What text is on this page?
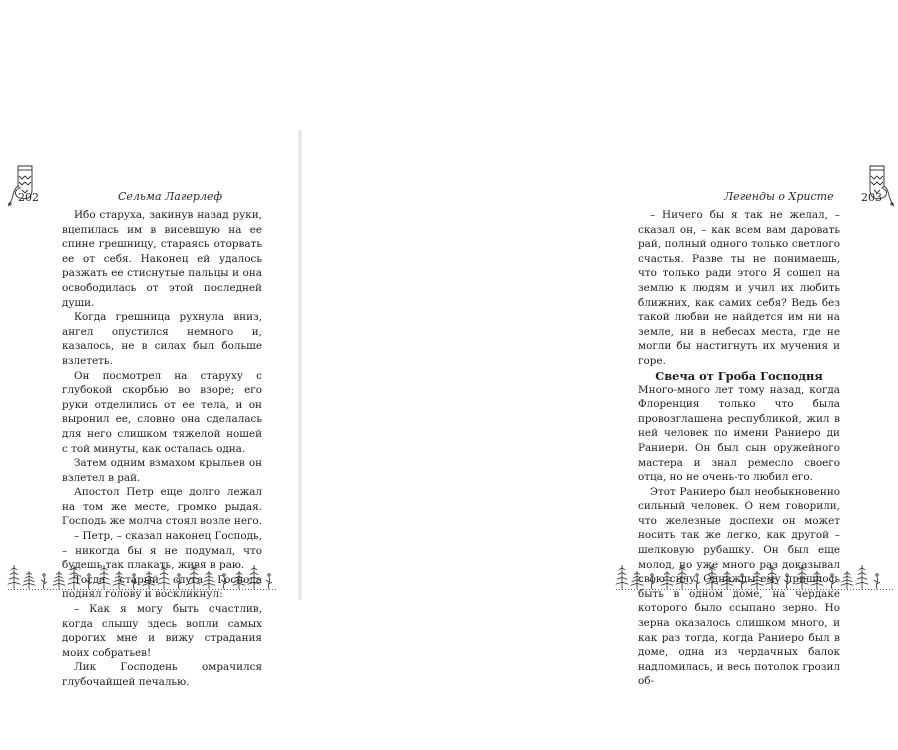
202	Сельма Лагерлеф

Ибо старуха, закинув назад руки, вцепилась им в висевшую на ее спине грешницу, стараясь оторвать ее от себя. Наконец ей удалось разжать ее стиснутые пальцы и она освободилась от этой последней души.

Когда грешница рухнула вниз, ангел опустился немного и, казалось, не в силах был больше взлететь.

Он посмотрел на старуху с глубокой скорбью во взоре; его руки отделились от ее тела, и он выронил ее, словно она сделалась для него слишком тяжелой ношей с той минуты, как осталась одна.

Затем одним взмахом крыльев он взлетел в рай.

Апостол Петр еще долго лежал на том же месте, громко рыдая. Господь же молча стоял возле него.

– Петр, – сказал наконец Господь, – никогда бы я не подумал, что будешь так плакать, живя в раю.

Тогда старый слуга Господа поднял голову и воскликнул:

– Как я могу быть счастлив, когда слышу здесь вопли самых дорогих мне и вижу страдания моих собратьев!

Лик Господень омрачился глубочайшей печалью.

Легенды о Христе 203

– Ничего бы я так не желал, – сказал он, – как всем вам даровать рай, полный одного только светлого счастья. Разве ты не понимаешь, что только ради этого Я сошел на землю к людям и учил их любить ближних, как самих себя? Ведь без такой любви не найдется им ни на земле, ни в небесах места, где не могли бы настигнуть их мучения и горе.

Свеча от Гроба Господня

Много-много лет тому назад, когда Флоренция только что была провозглашена республикой, жил в ней человек по имени Раниеро ди Раниери. Он был сын оружейного мастера и знал ремесло своего отца, но не очень-то любил его.

Этот Раниеро был необыкновенно сильный человек. О нем говорили, что железные доспехи он может носить так же легко, как другой – шелковую рубашку. Он был еще молод, но уже много раз доказывал свою силу. Однажды ему пришлось быть в одном доме, на чердаке которого было ссыпано зерно. Но зерна оказалось слишком много, и как раз тогда, когда Раниеро был в доме, одна из чердачных балок надломилась, и весь потолок грозил об-
